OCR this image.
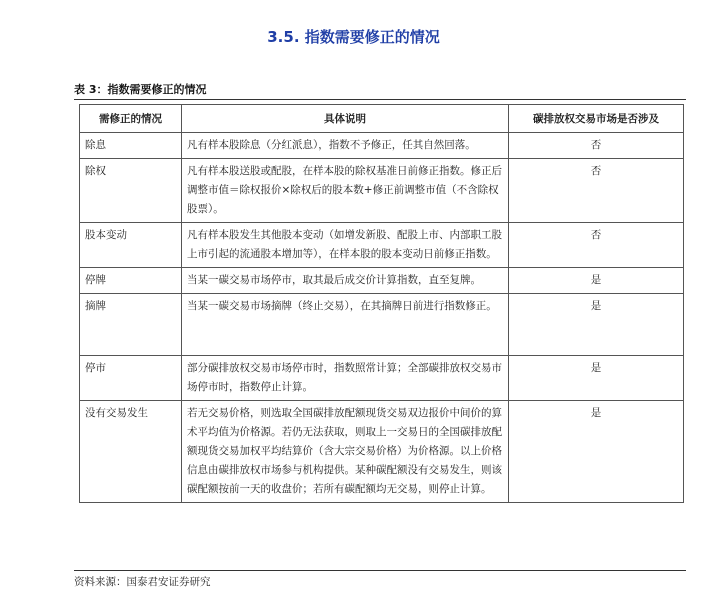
3.5. 指数需要修正的情况
表 3：指数需要修正的情况
需修正的情况	具体说明	碳排放权交易市场是否涉及
除息	凡有样本股除息（分红派息），指数不予修正，任其自然回落。	否
除权	凡有样本股送股或配股，在样本股的除权基准日前修正指数。修正后调整市值＝除权报价×除权后的股本数+修正前调整市值（不含除权股票）。	否
股本变动	凡有样本股发生其他股本变动（如增发新股、配股上市、内部职工股上市引起的流通股本增加等），在样本股的股本变动日前修正指数。	否
停牌	当某一碳交易市场停市，取其最后成交价计算指数，直至复牌。	是
摘牌	当某一碳交易市场摘牌（终止交易），在其摘牌日前进行指数修正。	是
停市	部分碳排放权交易市场停市时，指数照常计算；全部碳排放权交易市场停市时，指数停止计算。	是
没有交易发生	若无交易价格，则选取全国碳排放配额现货交易双边报价中间价的算术平均值为价格源。若仍无法获取，则取上一交易日的全国碳排放配额现货交易加权平均结算价（含大宗交易价格）为价格源。以上价格信息由碳排放权市场参与机构提供。某种碳配额没有交易发生，则该碳配额按前一天的收盘价；若所有碳配额均无交易，则停止计算。	是
资料来源：国泰君安证券研究
